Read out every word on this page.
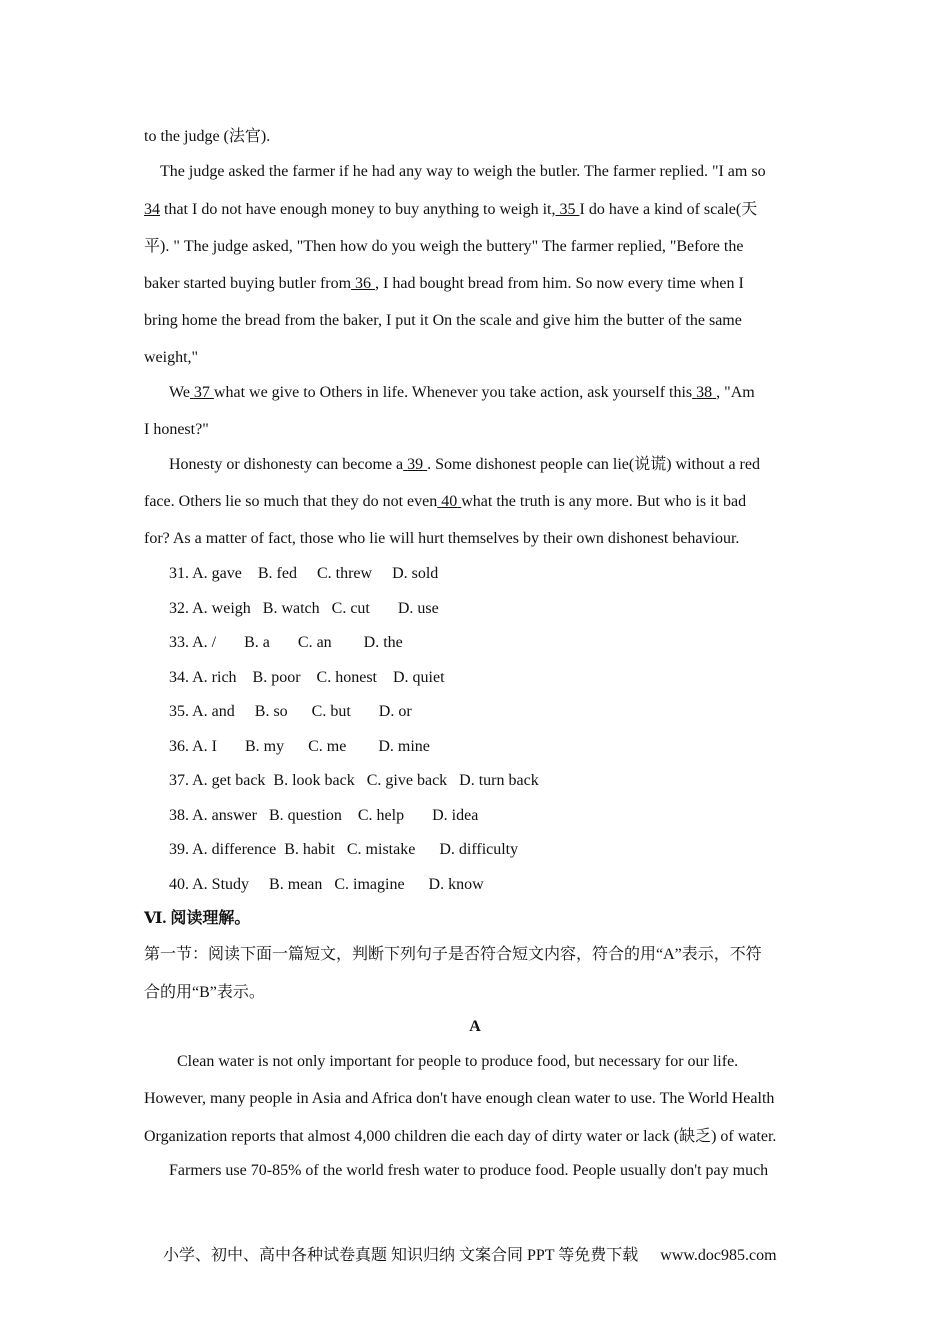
to the judge (法官).
The judge asked the farmer if he had any way to weigh the butler. The farmer replied. "I am so
34 that I do not have enough money to buy anything to weigh it, 35 I do have a kind of scale(天
平). " The judge asked, "Then how do you weigh the buttery" The farmer replied, "Before the
baker started buying butler from 36 , I had bought bread from him. So now every time when I
bring home the bread from the baker, I put it On the scale and give him the butter of the same
weight,"
We 37 what we give to Others in life. Whenever you take action, ask yourself this 38 , "Am
I honest?"
Honesty or dishonesty can become a 39 . Some dishonest people can lie(说谎) without a red
face. Others lie so much that they do not even 40 what the truth is any more. But who is it bad
for? As a matter of fact, those who lie will hurt themselves by their own dishonest behaviour.
31. A. gave    B. fed     C. threw     D. sold
32. A. weigh   B. watch   C. cut       D. use
33. A. /       B. a       C. an        D. the
34. A. rich    B. poor    C. honest    D. quiet
35. A. and     B. so      C. but       D. or
36. A. I       B. my      C. me        D. mine
37. A. get back  B. look back   C. give back   D. turn back
38. A. answer   B. question    C. help       D. idea
39. A. difference  B. habit   C. mistake      D. difficulty
40. A. Study     B. mean   C. imagine      D. know
Ⅵ. 阅读理解。
第一节：阅读下面一篇短文，判断下列句子是否符合短文内容，符合的用“A”表示，不符
合的用“B”表示。
A
Clean water is not only important for people to produce food, but necessary for our life.
However, many people in Asia and Africa don't have enough clean water to use. The World Health
Organization reports that almost 4,000 children die each day of dirty water or lack (缺乏) of water.
Farmers use 70-85% of the world fresh water to produce food. People usually don't pay much
小学、初中、高中各种试卷真题 知识归纳 文案合同 PPT 等免费下载 www.doc985.com
